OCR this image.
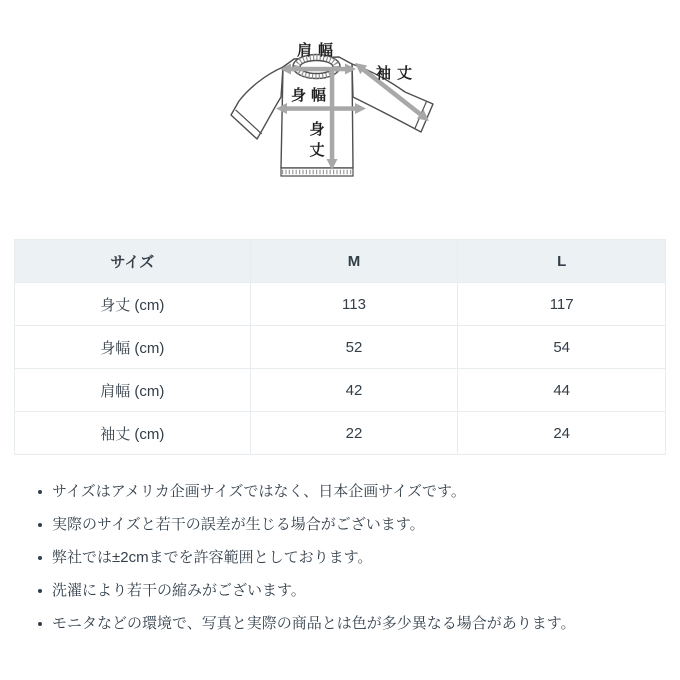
肩幅
袖丈
身幅
身
丈
サイズ	M	L
身丈 (cm)	113	117
身幅 (cm)	52	54
肩幅 (cm)	42	44
袖丈 (cm)	22	24
サイズはアメリカ企画サイズではなく、日本企画サイズです。
実際のサイズと若干の誤差が生じる場合がございます。
弊社では±2cmまでを許容範囲としております。
洗濯により若干の縮みがございます。
モニタなどの環境で、写真と実際の商品とは色が多少異なる場合があります。
